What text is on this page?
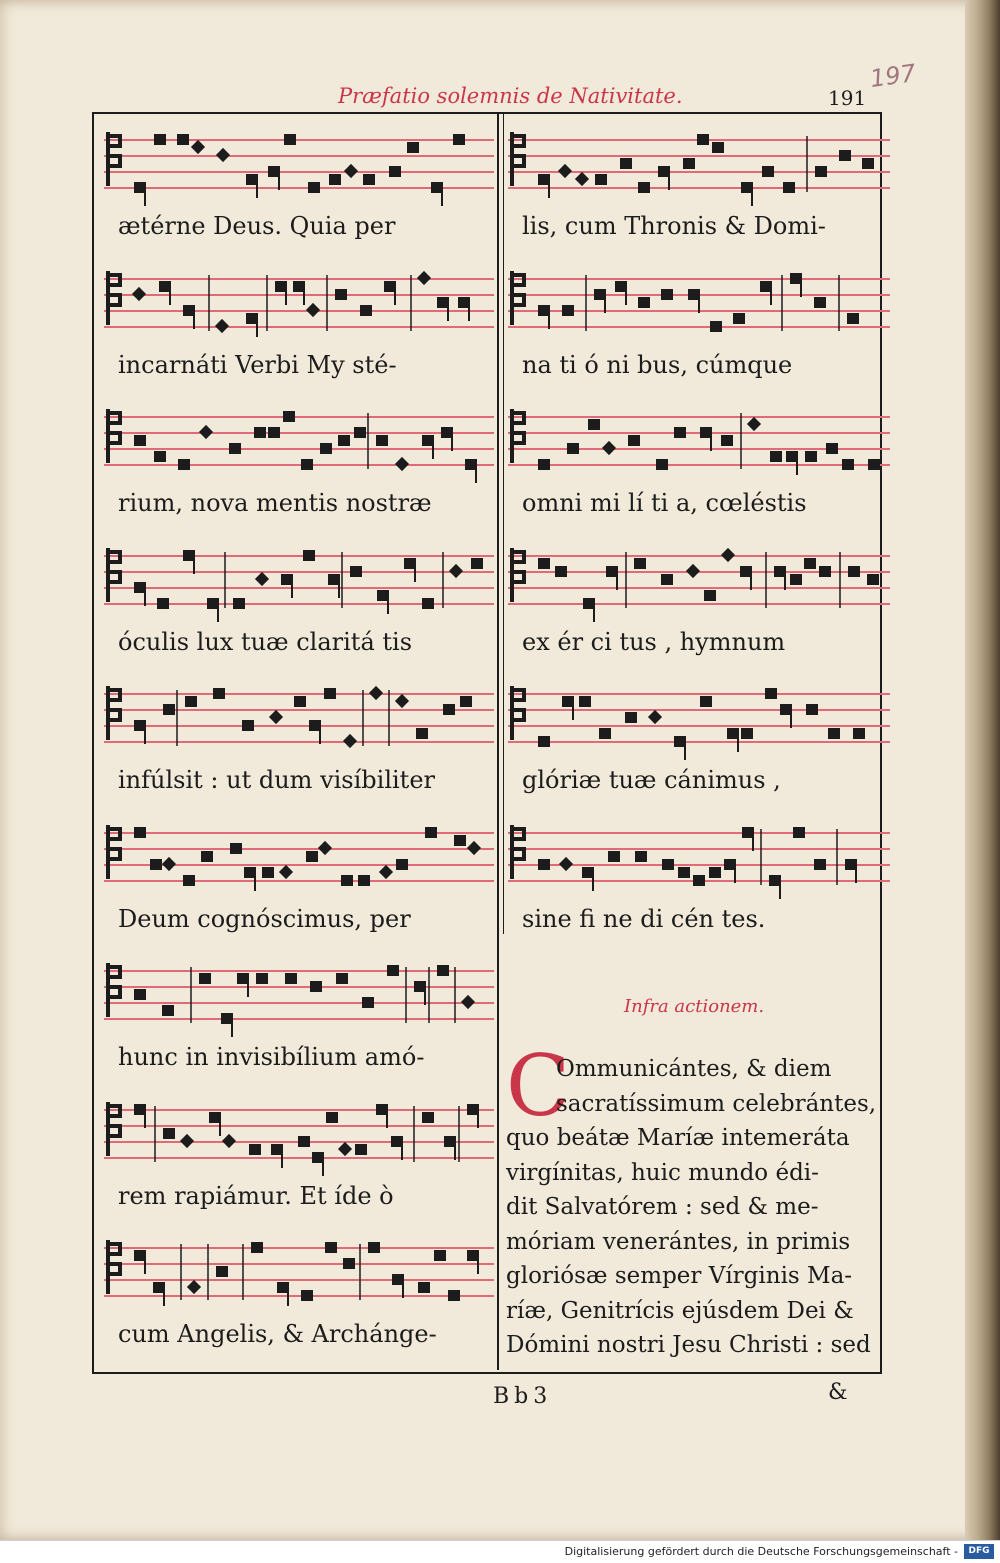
Præfatio solemnis de Nativitate.	191
197
ætérne Deus. Quia per
incarnáti Verbi My sté-
rium, nova mentis nostræ
óculis lux tuæ claritá tis
infúlsit : ut dum visíbiliter
Deum cognóscimus, per
hunc in invisibílium amó-
rem rapiámur. Et íde ò
cum Angelis, & Archánge-
lis, cum Thronis & Domi-
na ti ó ni bus, cúmque
omni mi lí ti a, cœléstis
ex ér ci tus , hymnum
glóriæ tuæ cánimus ,
sine fi ne di cén tes.
Infra actionem.
C
Ommunicántes, & diem
sacratíssimum celebrántes,
quo beátæ Maríæ intemeráta
virgínitas, huic mundo édi-
dit Salvatórem : sed & me-
móriam venerántes, in primis
gloriósæ semper Vírginis Ma-
ríæ, Genitrícis ejúsdem Dei &
Dómini nostri Jesu Christi : sed
Bb3	&
Digitalisierung gefördert durch die Deutsche Forschungsgemeinschaft -	DFG
